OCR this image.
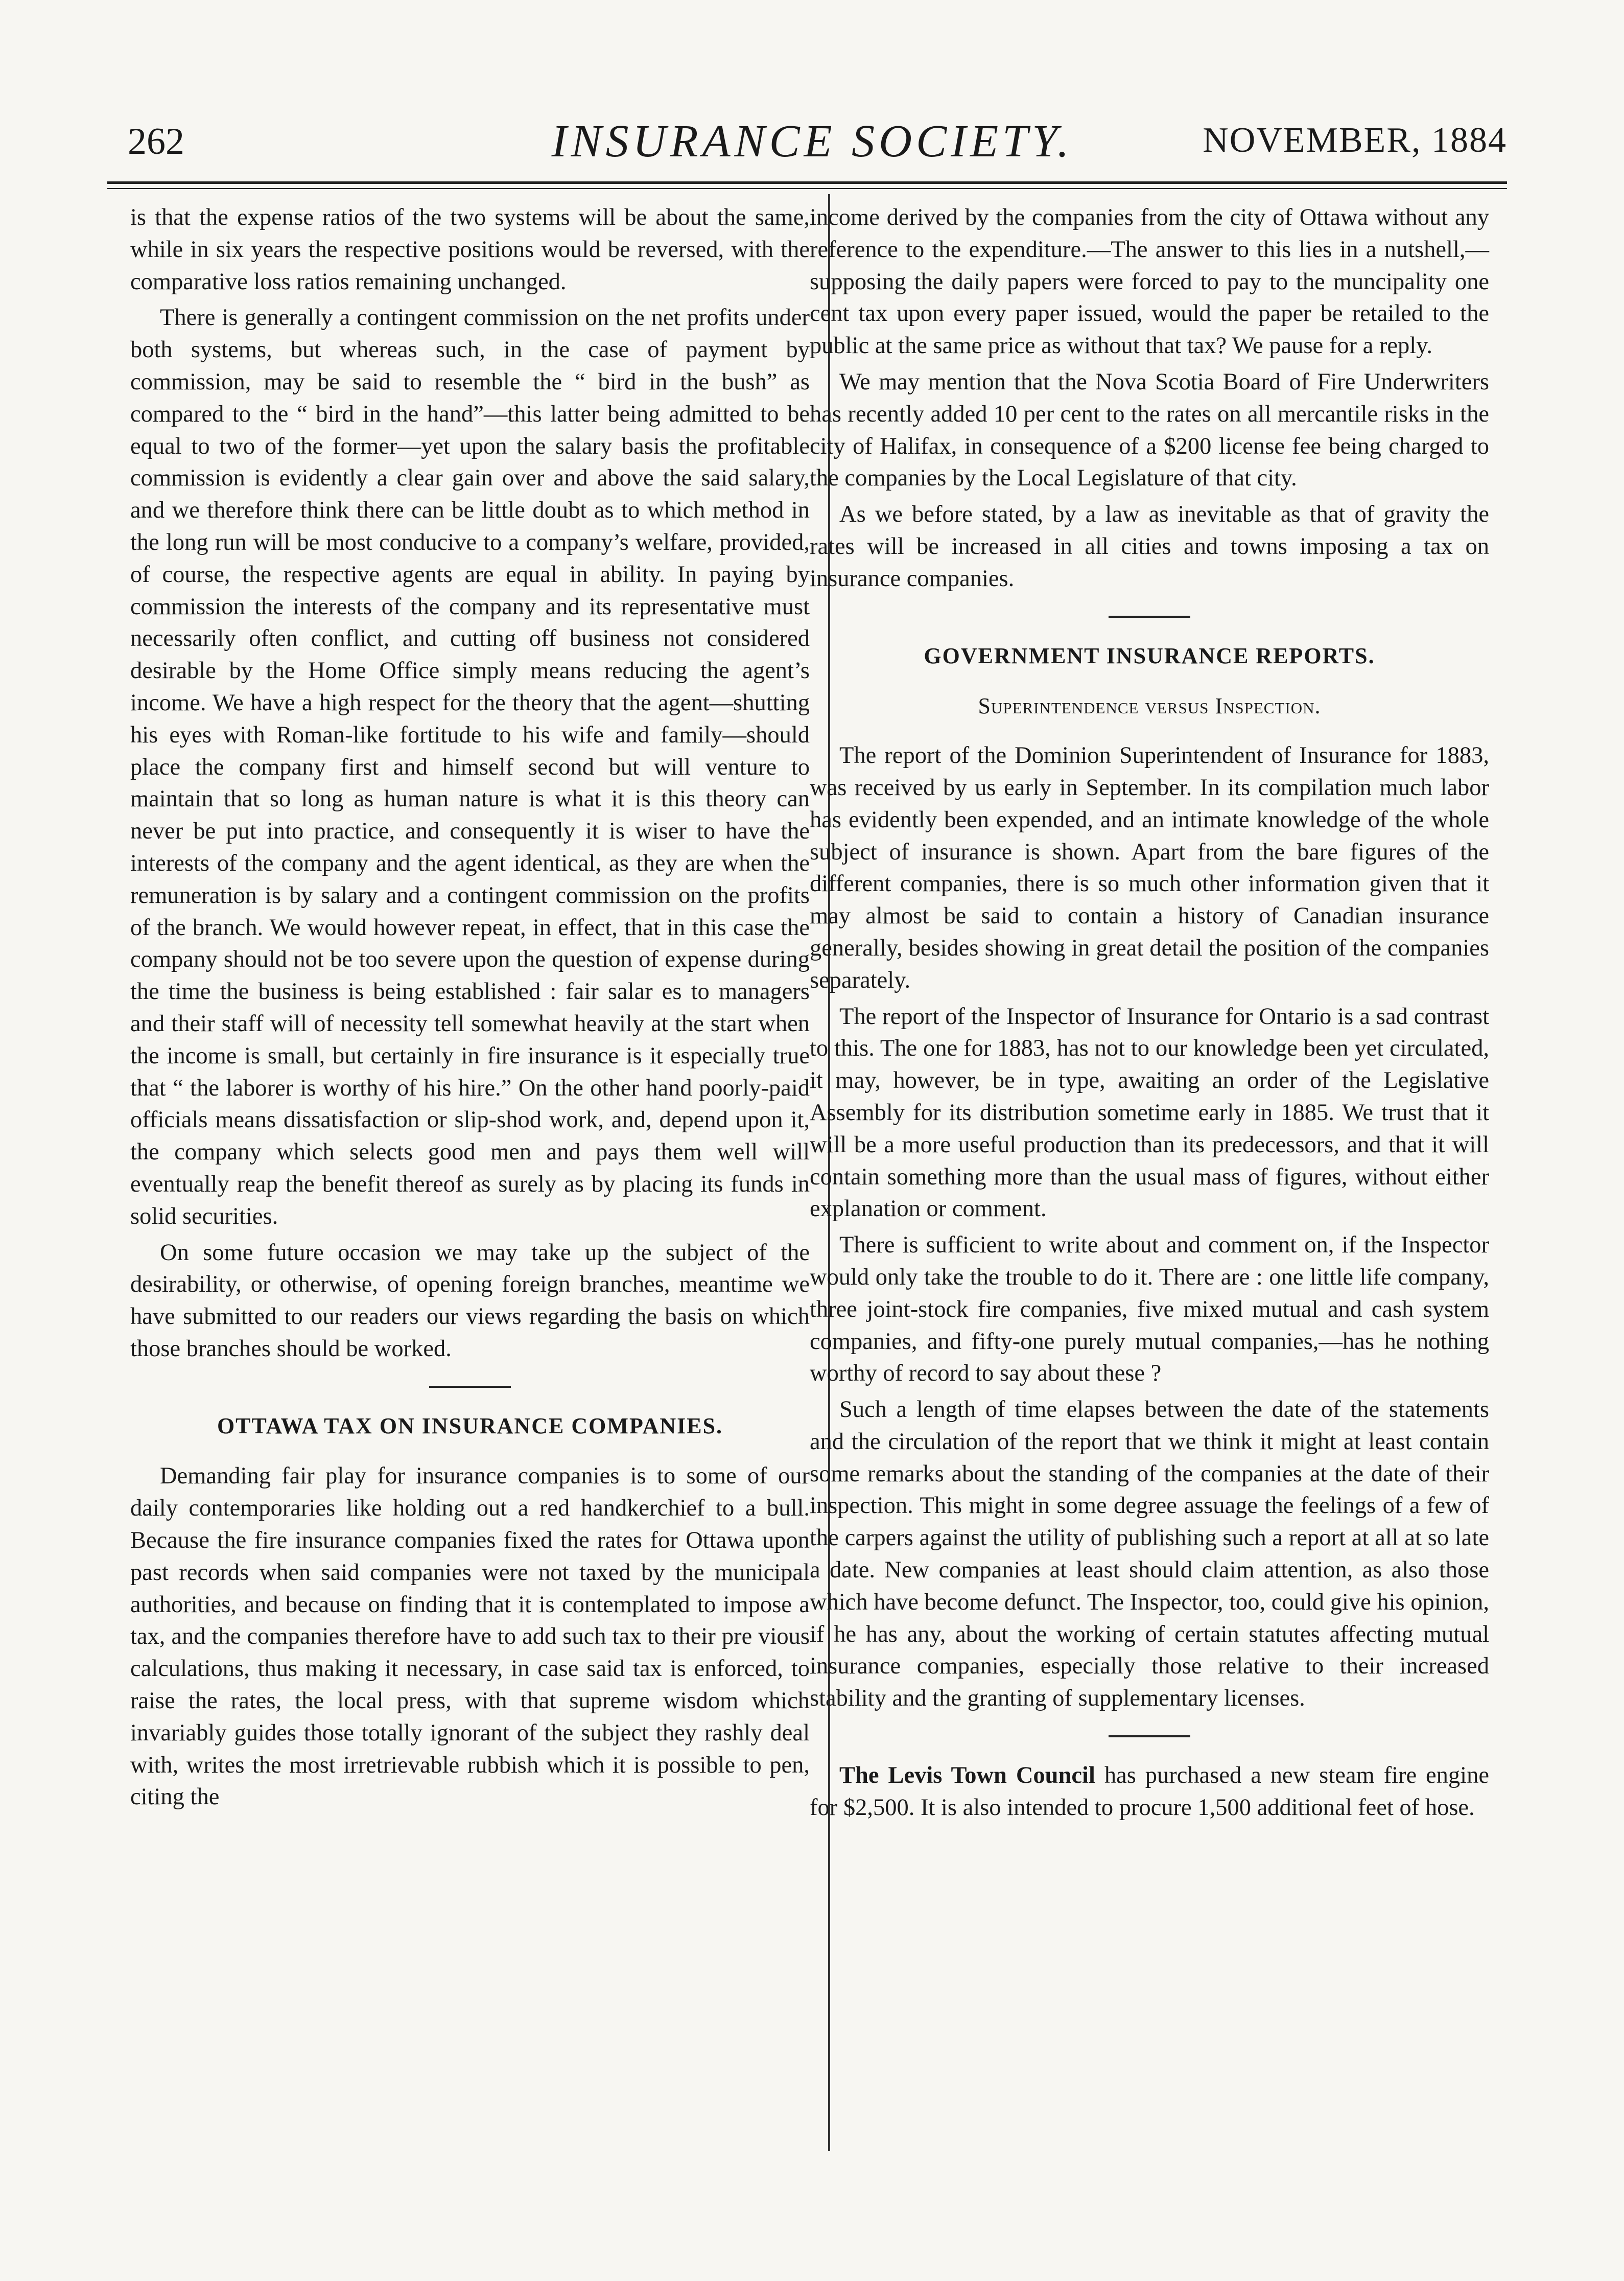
262	INSURANCE SOCIETY.	NOVEMBER, 1884

is that the expense ratios of the two systems will be about the same, while in six years the respective positions would be reversed, with the comparative loss ratios remaining unchanged.

There is generally a contingent commission on the net profits under both systems, but whereas such, in the case of payment by commission, may be said to resemble the “ bird in the bush” as compared to the “ bird in the hand”—this latter being admitted to be equal to two of the former—yet upon the salary basis the profitable commission is evidently a clear gain over and above the said salary, and we therefore think there can be little doubt as to which method in the long run will be most conducive to a company’s welfare, provided, of course, the respective agents are equal in ability. In paying by commission the interests of the company and its representative must necessarily often conflict, and cutting off business not considered desirable by the Home Office simply means reducing the agent’s income. We have a high respect for the theory that the agent—shutting his eyes with Roman-like fortitude to his wife and family—should place the company first and himself second but will venture to maintain that so long as human nature is what it is this theory can never be put into practice, and consequently it is wiser to have the interests of the company and the agent identical, as they are when the remuneration is by salary and a contingent commission on the profits of the branch. We would however repeat, in effect, that in this case the company should not be too severe upon the question of expense during the time the business is being established : fair salar es to managers and their staff will of necessity tell somewhat heavily at the start when the income is small, but certainly in fire insurance is it especially true that “ the laborer is worthy of his hire.” On the other hand poorly-paid officials means dissatisfaction or slip-shod work, and, depend upon it, the company which selects good men and pays them well will eventually reap the benefit thereof as surely as by placing its funds in solid securities.

On some future occasion we may take up the subject of the desirability, or otherwise, of opening foreign branches, meantime we have submitted to our readers our views regarding the basis on which those branches should be worked.

OTTAWA TAX ON INSURANCE COMPANIES.

Demanding fair play for insurance companies is to some of our daily contemporaries like holding out a red handkerchief to a bull. Because the fire insurance companies fixed the rates for Ottawa upon past records when said companies were not taxed by the municipal authorities, and because on finding that it is contemplated to impose a tax, and the companies therefore have to add such tax to their pre vious calculations, thus making it necessary, in case said tax is enforced, to raise the rates, the local press, with that supreme wisdom which invariably guides those totally ignorant of the subject they rashly deal with, writes the most irretrievable rubbish which it is possible to pen, citing the

income derived by the companies from the city of Ottawa without any reference to the expenditure.—The answer to this lies in a nutshell,—supposing the daily papers were forced to pay to the muncipality one cent tax upon every paper issued, would the paper be retailed to the public at the same price as without that tax? We pause for a reply.

We may mention that the Nova Scotia Board of Fire Underwriters has recently added 10 per cent to the rates on all mercantile risks in the city of Halifax, in consequence of a $200 license fee being charged to the companies by the Local Legislature of that city.

As we before stated, by a law as inevitable as that of gravity the rates will be increased in all cities and towns imposing a tax on insurance companies.

GOVERNMENT INSURANCE REPORTS.
Superintendence versus Inspection.

The report of the Dominion Superintendent of Insurance for 1883, was received by us early in September. In its compilation much labor has evidently been expended, and an intimate knowledge of the whole subject of insurance is shown. Apart from the bare figures of the different companies, there is so much other information given that it may almost be said to contain a history of Canadian insurance generally, besides showing in great detail the position of the companies separately.

The report of the Inspector of Insurance for Ontario is a sad contrast to this. The one for 1883, has not to our knowledge been yet circulated, it may, however, be in type, awaiting an order of the Legislative Assembly for its distribution sometime early in 1885. We trust that it will be a more useful production than its predecessors, and that it will contain something more than the usual mass of figures, without either explanation or comment.

There is sufficient to write about and comment on, if the Inspector would only take the trouble to do it. There are : one little life company, three joint-stock fire companies, five mixed mutual and cash system companies, and fifty-one purely mutual companies,—has he nothing worthy of record to say about these ?

Such a length of time elapses between the date of the statements and the circulation of the report that we think it might at least contain some remarks about the standing of the companies at the date of their inspection. This might in some degree assuage the feelings of a few of the carpers against the utility of publishing such a report at all at so late a date. New companies at least should claim attention, as also those which have become defunct. The Inspector, too, could give his opinion, if he has any, about the working of certain statutes affecting mutual insurance companies, especially those relative to their increased stability and the granting of supplementary licenses.

The Levis Town Council has purchased a new steam fire engine for $2,500. It is also intended to procure 1,500 additional feet of hose.
